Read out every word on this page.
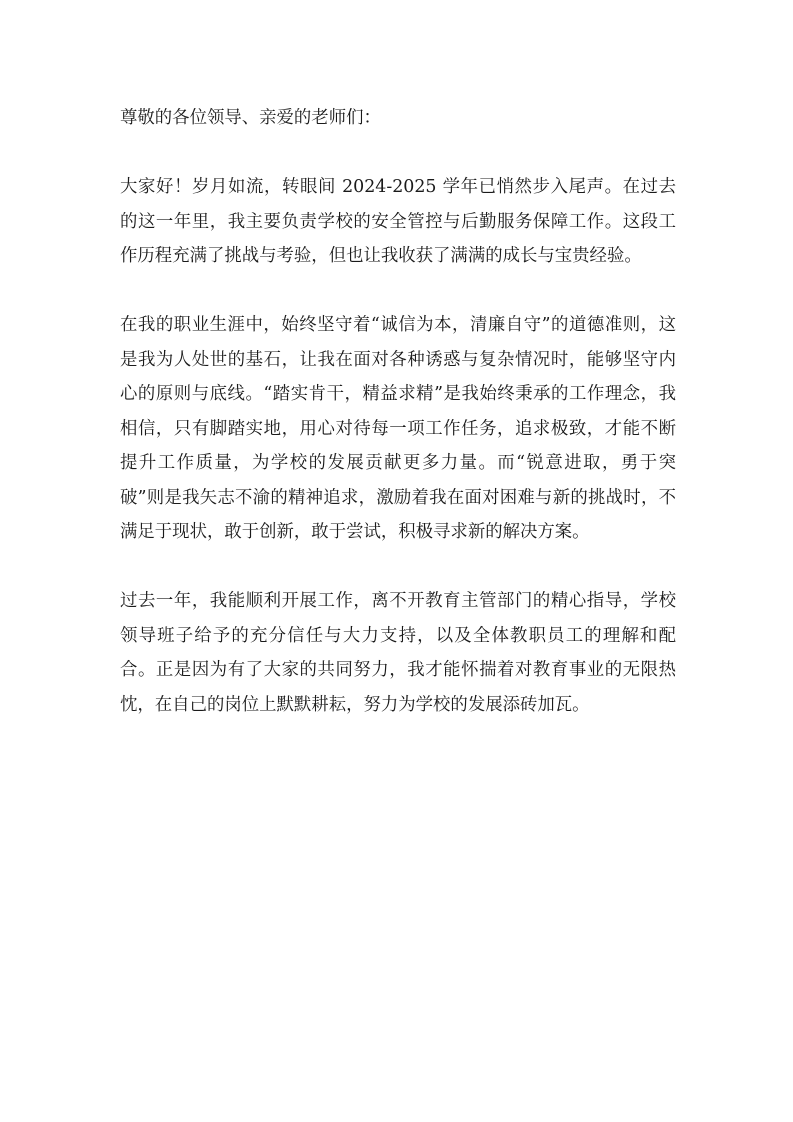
尊敬的各位领导、亲爱的老师们：

大家好！岁月如流，转眼间 2024-2025 学年已悄然步入尾声。在过去的这一年里，我主要负责学校的安全管控与后勤服务保障工作。这段工作历程充满了挑战与考验，但也让我收获了满满的成长与宝贵经验。

在我的职业生涯中，始终坚守着“诚信为本，清廉自守”的道德准则，这是我为人处世的基石，让我在面对各种诱惑与复杂情况时，能够坚守内心的原则与底线。“踏实肯干，精益求精”是我始终秉承的工作理念，我相信，只有脚踏实地，用心对待每一项工作任务，追求极致，才能不断提升工作质量，为学校的发展贡献更多力量。而“锐意进取，勇于突破”则是我矢志不渝的精神追求，激励着我在面对困难与新的挑战时，不满足于现状，敢于创新，敢于尝试，积极寻求新的解决方案。

过去一年，我能顺利开展工作，离不开教育主管部门的精心指导，学校领导班子给予的充分信任与大力支持，以及全体教职员工的理解和配合。正是因为有了大家的共同努力，我才能怀揣着对教育事业的无限热忱，在自己的岗位上默默耕耘，努力为学校的发展添砖加瓦。
